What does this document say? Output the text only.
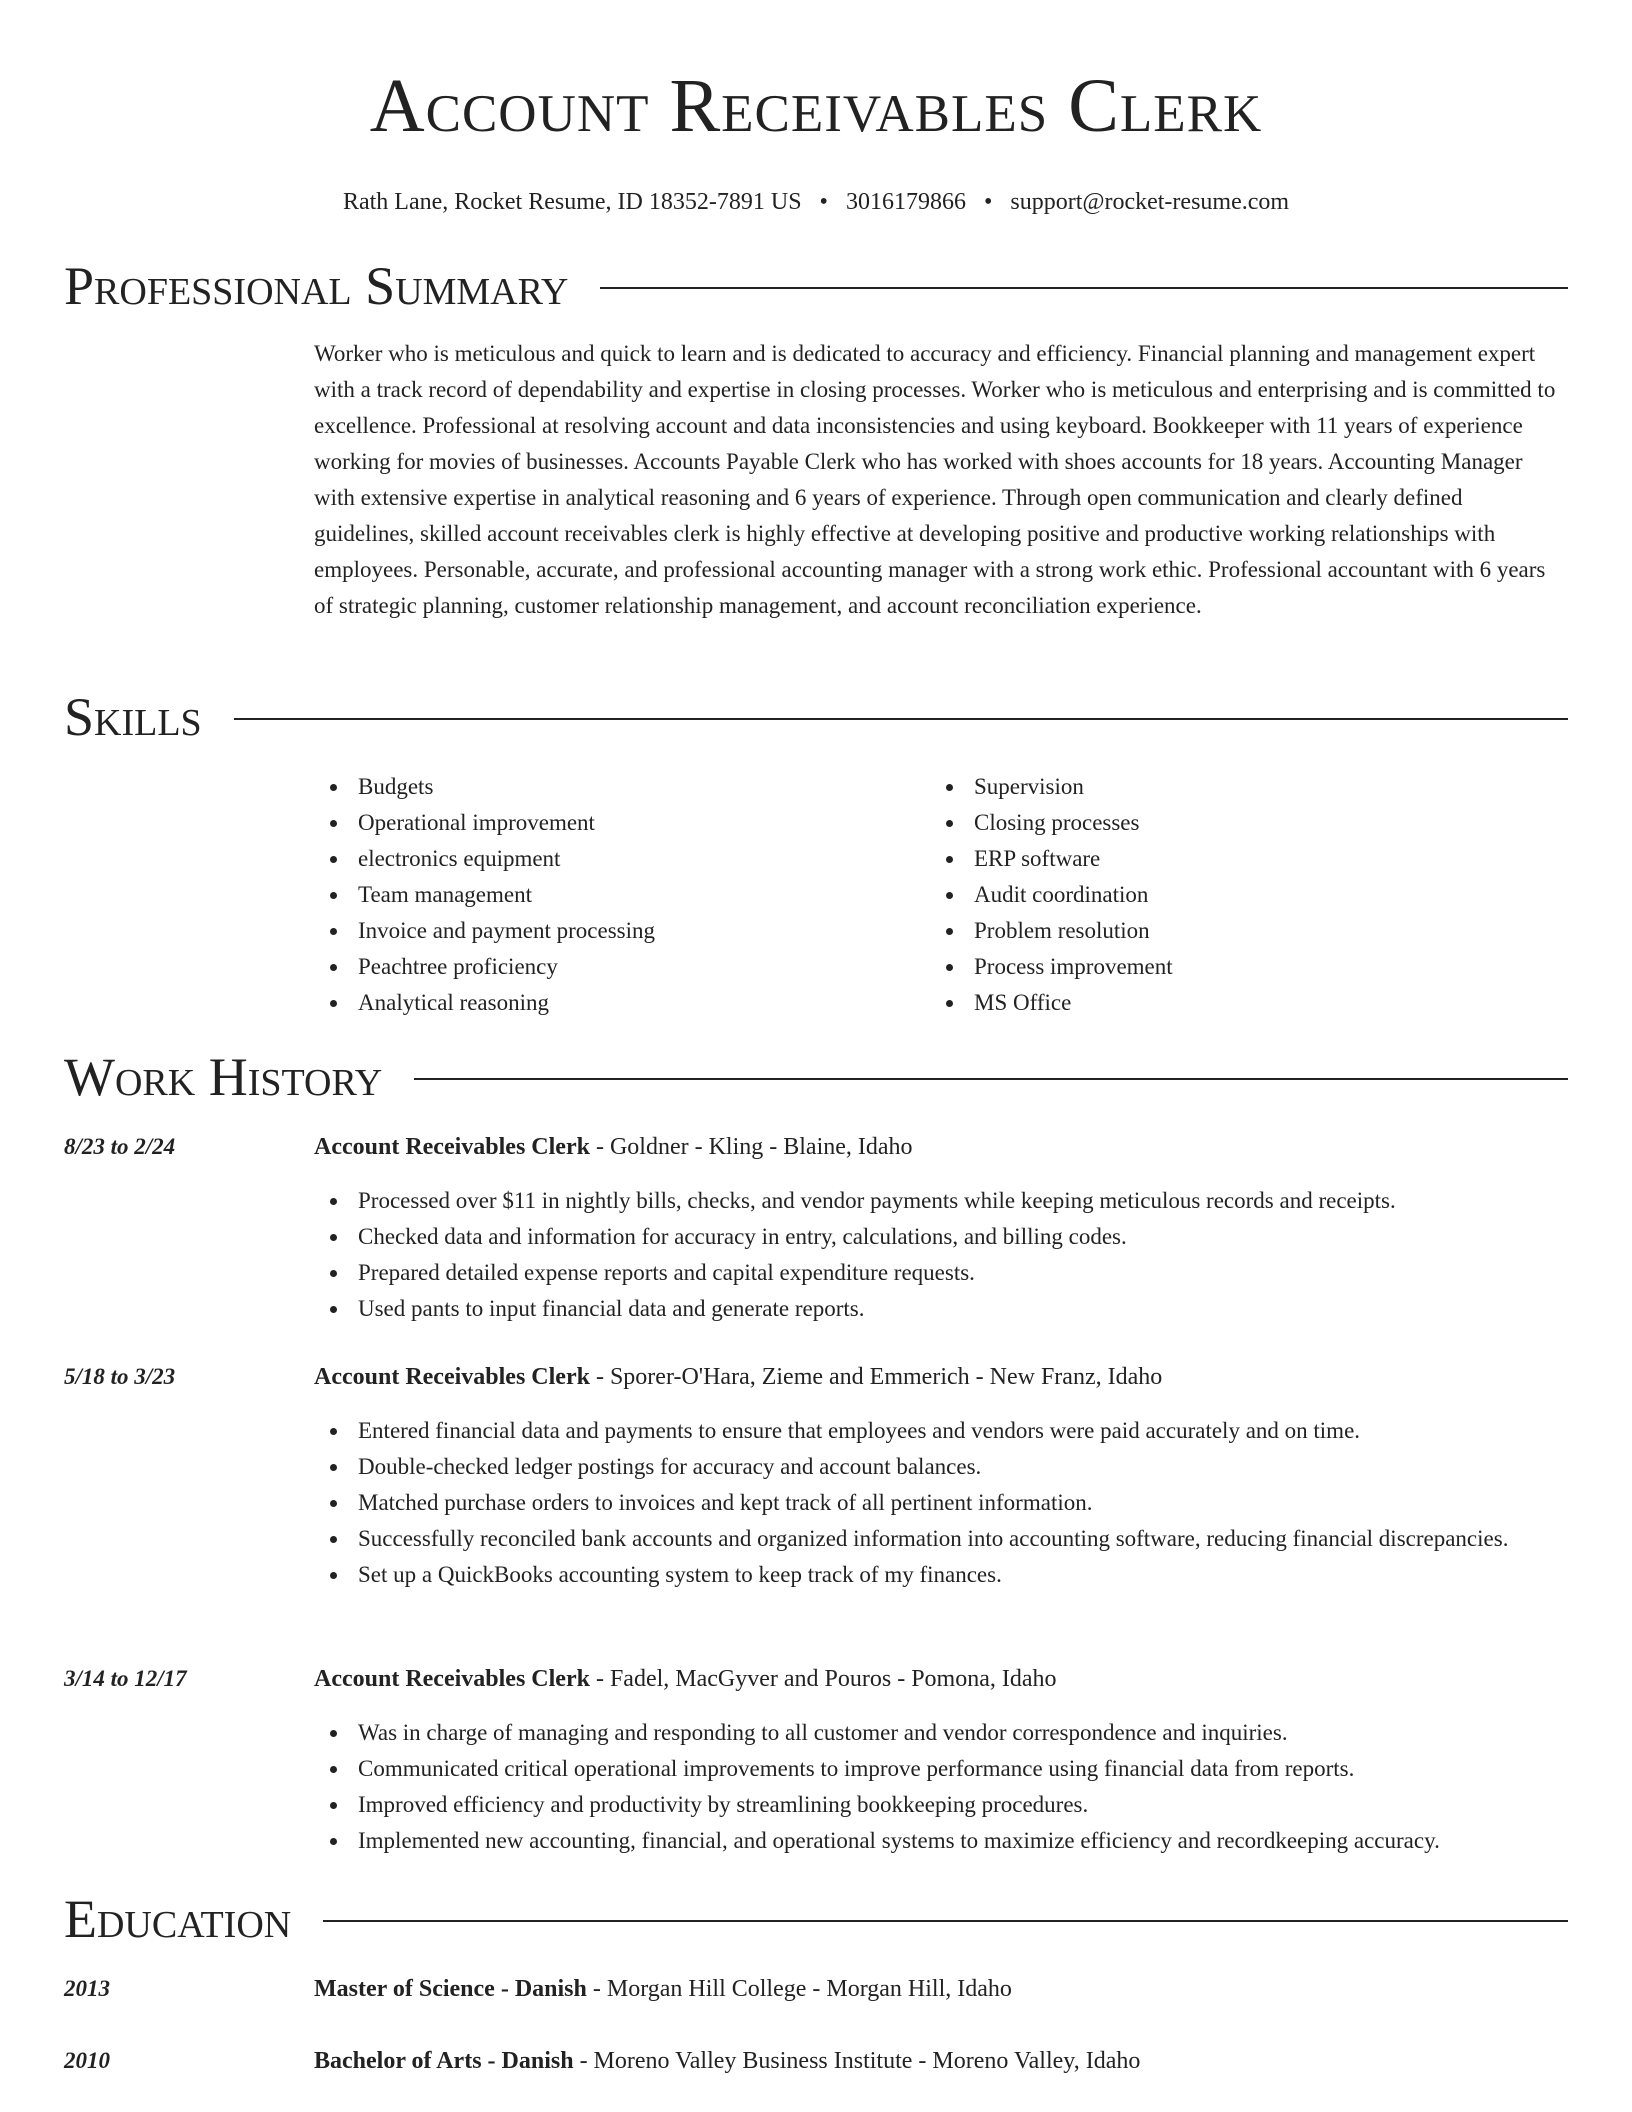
Account Receivables Clerk
Rath Lane, Rocket Resume, ID 18352-7891 US • 3016179866 • support@rocket-resume.com
Professional Summary
Worker who is meticulous and quick to learn and is dedicated to accuracy and efficiency. Financial planning and management expert with a track record of dependability and expertise in closing processes. Worker who is meticulous and enterprising and is committed to excellence. Professional at resolving account and data inconsistencies and using keyboard. Bookkeeper with 11 years of experience working for movies of businesses. Accounts Payable Clerk who has worked with shoes accounts for 18 years. Accounting Manager with extensive expertise in analytical reasoning and 6 years of experience. Through open communication and clearly defined guidelines, skilled account receivables clerk is highly effective at developing positive and productive working relationships with employees. Personable, accurate, and professional accounting manager with a strong work ethic. Professional accountant with 6 years of strategic planning, customer relationship management, and account reconciliation experience.
Skills
Budgets
Operational improvement
electronics equipment
Team management
Invoice and payment processing
Peachtree proficiency
Analytical reasoning
Supervision
Closing processes
ERP software
Audit coordination
Problem resolution
Process improvement
MS Office
Work History
8/23 to 2/24	Account Receivables Clerk - Goldner - Kling - Blaine, Idaho
Processed over $11 in nightly bills, checks, and vendor payments while keeping meticulous records and receipts.
Checked data and information for accuracy in entry, calculations, and billing codes.
Prepared detailed expense reports and capital expenditure requests.
Used pants to input financial data and generate reports.
5/18 to 3/23	Account Receivables Clerk - Sporer-O'Hara, Zieme and Emmerich - New Franz, Idaho
Entered financial data and payments to ensure that employees and vendors were paid accurately and on time.
Double-checked ledger postings for accuracy and account balances.
Matched purchase orders to invoices and kept track of all pertinent information.
Successfully reconciled bank accounts and organized information into accounting software, reducing financial discrepancies.
Set up a QuickBooks accounting system to keep track of my finances.
3/14 to 12/17	Account Receivables Clerk - Fadel, MacGyver and Pouros - Pomona, Idaho
Was in charge of managing and responding to all customer and vendor correspondence and inquiries.
Communicated critical operational improvements to improve performance using financial data from reports.
Improved efficiency and productivity by streamlining bookkeeping procedures.
Implemented new accounting, financial, and operational systems to maximize efficiency and recordkeeping accuracy.
Education
2013	Master of Science - Danish - Morgan Hill College - Morgan Hill, Idaho
2010	Bachelor of Arts - Danish - Moreno Valley Business Institute - Moreno Valley, Idaho
